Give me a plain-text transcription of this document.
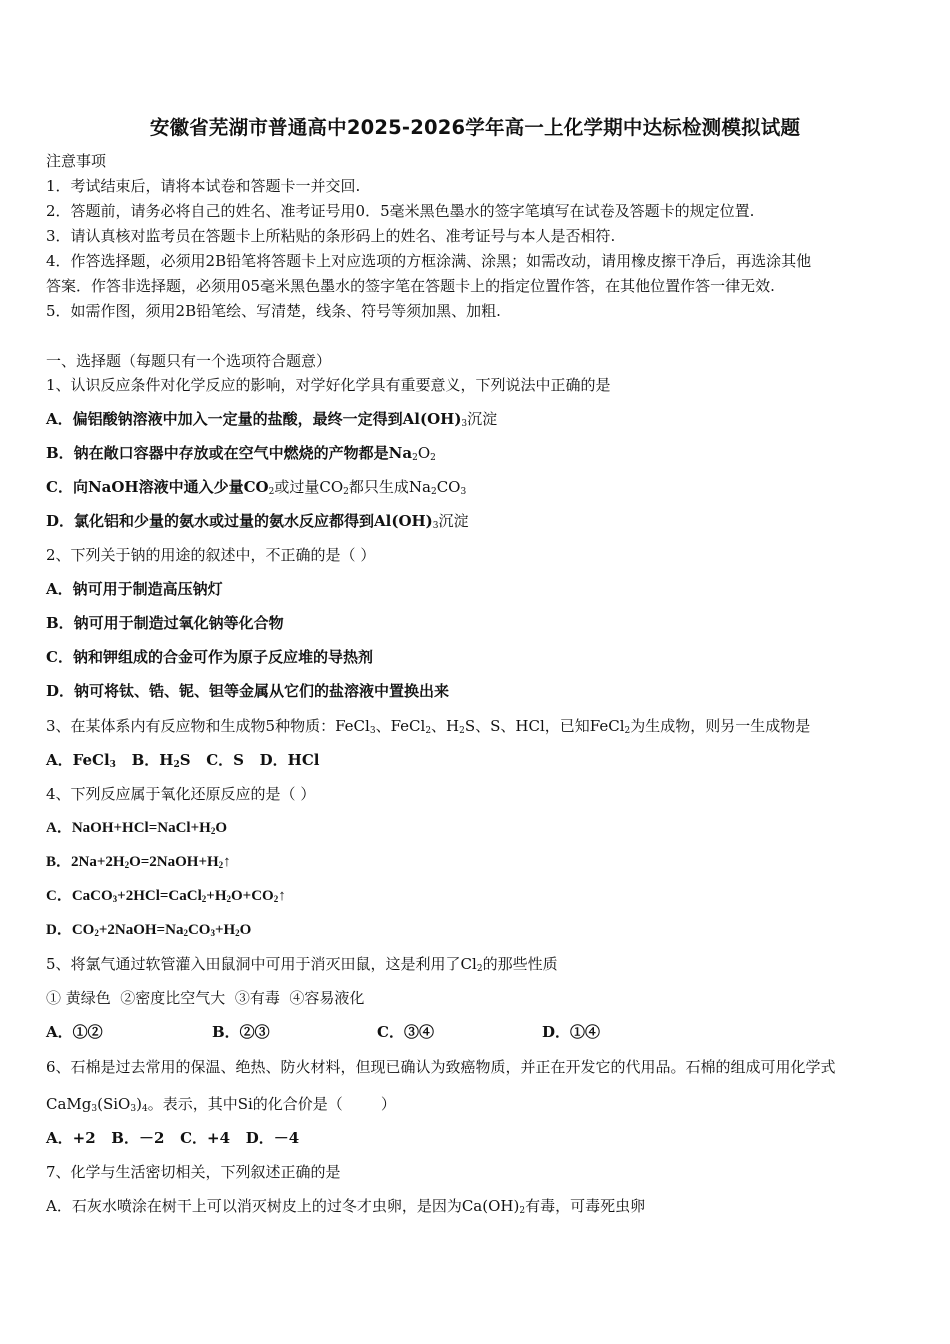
安徽省芜湖市普通高中2025-2026学年高一上化学期中达标检测模拟试题
注意事项
1．考试结束后，请将本试卷和答题卡一并交回.
2．答题前，请务必将自己的姓名、准考证号用0．5毫米黑色墨水的签字笔填写在试卷及答题卡的规定位置.
3．请认真核对监考员在答题卡上所粘贴的条形码上的姓名、准考证号与本人是否相符.
4．作答选择题，必须用2B铅笔将答题卡上对应选项的方框涂满、涂黑；如需改动，请用橡皮擦干净后，再选涂其他
答案．作答非选择题，必须用05毫米黑色墨水的签字笔在答题卡上的指定位置作答，在其他位置作答一律无效.
5．如需作图，须用2B铅笔绘、写清楚，线条、符号等须加黑、加粗.
一、选择题（每题只有一个选项符合题意）
1、认识反应条件对化学反应的影响，对学好化学具有重要意义，下列说法中正确的是
A．偏铝酸钠溶液中加入一定量的盐酸，最终一定得到$Al(OH)_3$沉淀
B．钠在敞口容器中存放或在空气中燃烧的产物都是$Na_2O_2$
C．向NaOH溶液中通入少量$CO_2$或过量$CO_2$都只生成$Na_2CO_3$
D．氯化铝和少量的氨水或过量的氨水反应都得到$Al(OH)_3$沉淀
2、下列关于钠的用途的叙述中，不正确的是（ ）
A．钠可用于制造高压钠灯
B．钠可用于制造过氧化钠等化合物
C．钠和钾组成的合金可作为原子反应堆的导热剂
D．钠可将钛、锆、铌、钽等金属从它们的盐溶液中置换出来
3、在某体系内有反应物和生成物5种物质：FeCl$_3$、FeCl$_2$、$H_2S$、S、HCl，已知FeCl$_2$为生成物，则另一生成物是
A．FeCl$_3$   B．$H_2S$   C．S   D．HCl
4、下列反应属于氧化还原反应的是（ ）
A．$NaOH+HCl=NaCl+H_2O$
B．$2Na+2H_2O=2NaOH+H_2↑$
C．$CaCO_3+2HCl=CaCl_2+H_2O+CO_2↑$
D．$CO_2+2NaOH=Na_2CO_3+H_2O$
5、将氯气通过软管灌入田鼠洞中可用于消灭田鼠，这是利用了$Cl_2$的那些性质
① 黄绿色  ②密度比空气大  ③有毒  ④容易液化
A．①②	B．②③	C．③④	D．①④
6、石棉是过去常用的保温、绝热、防火材料，但现已确认为致癌物质，并正在开发它的代用品。石棉的组成可用化学式
$CaMg_3(SiO_3)_4$。表示，其中Si的化合价是（        ）
A．+2   B．－2   C．+4   D．－4
7、化学与生活密切相关，下列叙述正确的是
A．石灰水喷涂在树干上可以消灭树皮上的过冬才虫卵，是因为$Ca(OH)_2$有毒，可毒死虫卵
